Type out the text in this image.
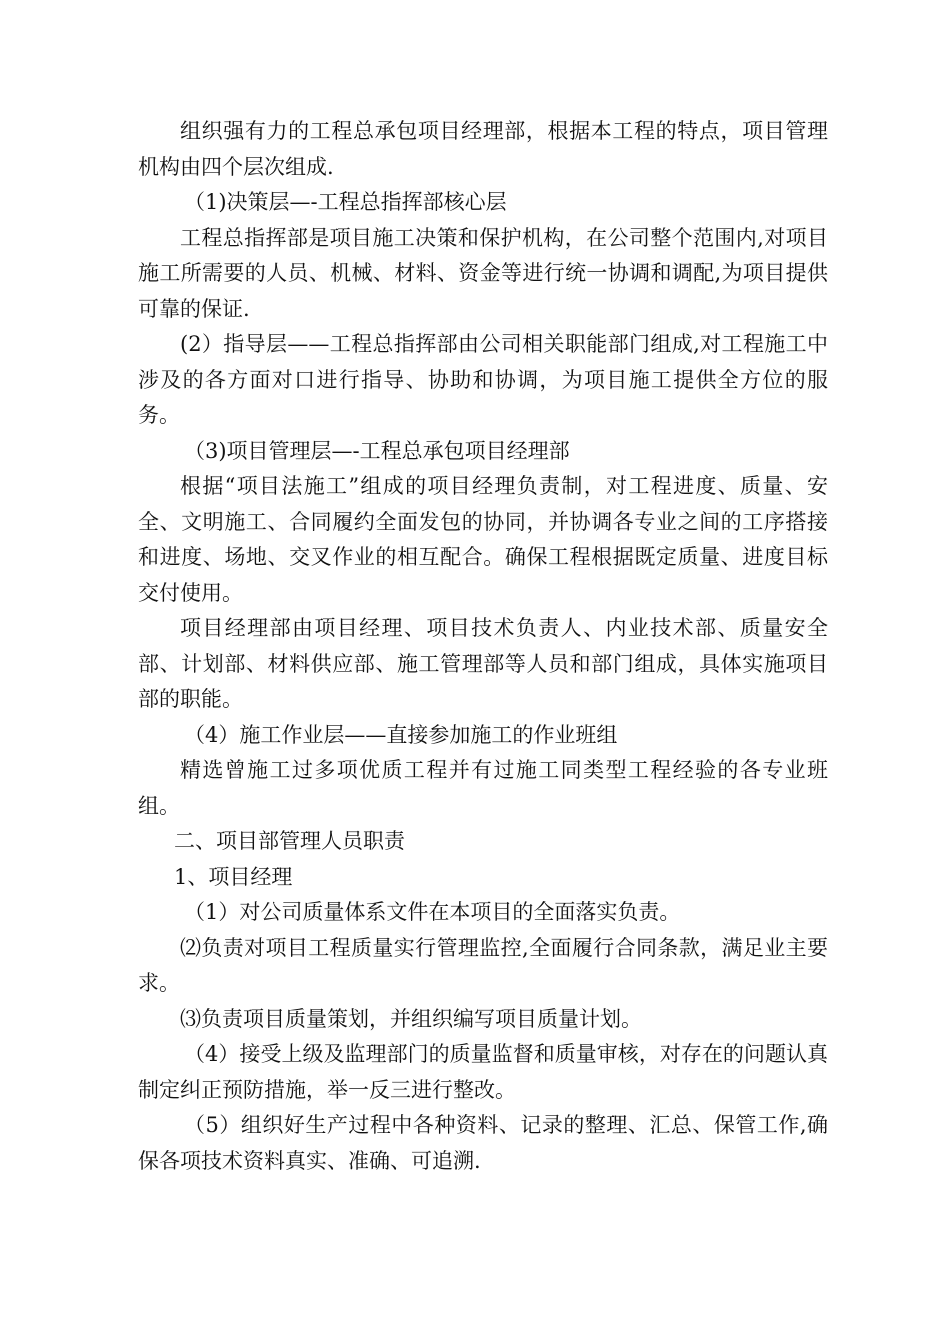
组织强有力的工程总承包项目经理部，根据本工程的特点，项目管理机构由四个层次组成.

（1)决策层—-工程总指挥部核心层

工程总指挥部是项目施工决策和保护机构，在公司整个范围内,对项目施工所需要的人员、机械、材料、资金等进行统一协调和调配,为项目提供可靠的保证.

(2）指导层——工程总指挥部由公司相关职能部门组成,对工程施工中涉及的各方面对口进行指导、协助和协调，为项目施工提供全方位的服务。

（3)项目管理层—-工程总承包项目经理部

根据“项目法施工”组成的项目经理负责制，对工程进度、质量、安全、文明施工、合同履约全面发包的协同，并协调各专业之间的工序搭接和进度、场地、交叉作业的相互配合。确保工程根据既定质量、进度目标交付使用。

项目经理部由项目经理、项目技术负责人、内业技术部、质量安全部、计划部、材料供应部、施工管理部等人员和部门组成，具体实施项目部的职能。

（4）施工作业层——直接参加施工的作业班组

精选曾施工过多项优质工程并有过施工同类型工程经验的各专业班组。

二、项目部管理人员职责

1、项目经理

（1）对公司质量体系文件在本项目的全面落实负责。

⑵负责对项目工程质量实行管理监控,全面履行合同条款，满足业主要求。

⑶负责项目质量策划，并组织编写项目质量计划。

（4）接受上级及监理部门的质量监督和质量审核，对存在的问题认真制定纠正预防措施，举一反三进行整改。

（5）组织好生产过程中各种资料、记录的整理、汇总、保管工作,确保各项技术资料真实、准确、可追溯.
